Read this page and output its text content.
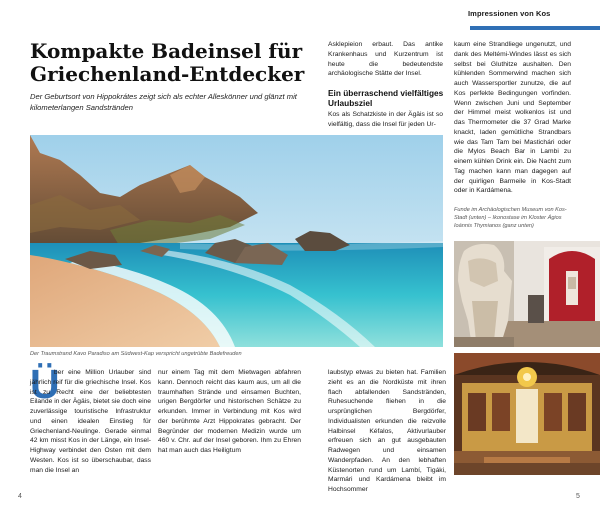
Impressionen von Kos
Kompakte Badeinsel für Griechenland-Entdecker

Der Geburtsort von Hippokrátes zeigt sich als echter Alleskönner und glänzt mit kilometerlangen Sandstränden

Der Traumstrand Kavo Paradiso am Südwest-Kap verspricht ungetrübte Badefreuden

Ü

ber eine Million Urlauber sind jährlich reif für die griechische Insel. Kos ist zu Recht eine der beliebtesten Eilande in der Ägäis, bietet sie doch eine zuverlässige touristische Infrastruktur und einen idealen Einstieg für Griechenland-Neulinge. Gerade einmal 42 km misst Kos in der Länge, ein Insel-Highway verbindet den Osten mit dem Westen. Kos ist so überschaubar, dass man die Insel an

nur einem Tag mit dem Mietwagen abfahren kann. Dennoch reicht das kaum aus, um all die traumhaften Strände und einsamen Buchten, urigen Bergdörfer und historischen Schätze zu erkunden. Immer in Verbindung mit Kos wird der berühmte Arzt Hippokrates gebracht. Der Begründer der modernen Medizin wurde um 460 v. Chr. auf der Insel geboren. Ihm zu Ehren hat man auch das Heiligtum

Asklepieion erbaut. Das antike Krankenhaus und Kurzentrum ist heute die bedeutendste archäologische Stätte der Insel.

Ein überraschend vielfältiges Urlaubsziel

Kos als Schatzkiste in der Ägäis ist so vielfältig, dass die Insel für jeden Ur-

laubstyp etwas zu bieten hat. Familien zieht es an die Nordküste mit ihren flach abfallenden Sandstränden, Ruhesuchende fliehen in die ursprünglichen Bergdörfer, Individualisten erkunden die reizvolle Halbinsel Kéfalos, Aktivurlauber erfreuen sich an gut ausgebauten Radwegen und einsamen Wanderpfaden. An den lebhaften Küstenorten rund um Lambí, Tigáki, Marmári und Kardámena bleibt im Hochsommer

kaum eine Strandliege ungenutzt, und dank des Meltémi-Windes lässt es sich selbst bei Gluthitze aushalten. Den kühlenden Sommerwind machen sich auch Wassersportler zunutze, die auf Kos perfekte Bedingungen vorfinden. Wenn zwischen Juni und September der Himmel meist wolkenlos ist und das Thermometer die 37 Grad Marke knackt, laden gemütliche Strandbars wie das Tam Tam bei Mastichári oder die Mylos Beach Bar in Lambi zu einem kühlen Drink ein. Die Nacht zum Tag machen kann man dagegen auf der quirligen Barmeile in Kos-Stadt oder in Kardámena.

Funde im Archäologischen Museum von Kos-Stadt (unten) – Ikonostase im Kloster Ágios Ioánnis Thymianos (ganz unten)

4	5
